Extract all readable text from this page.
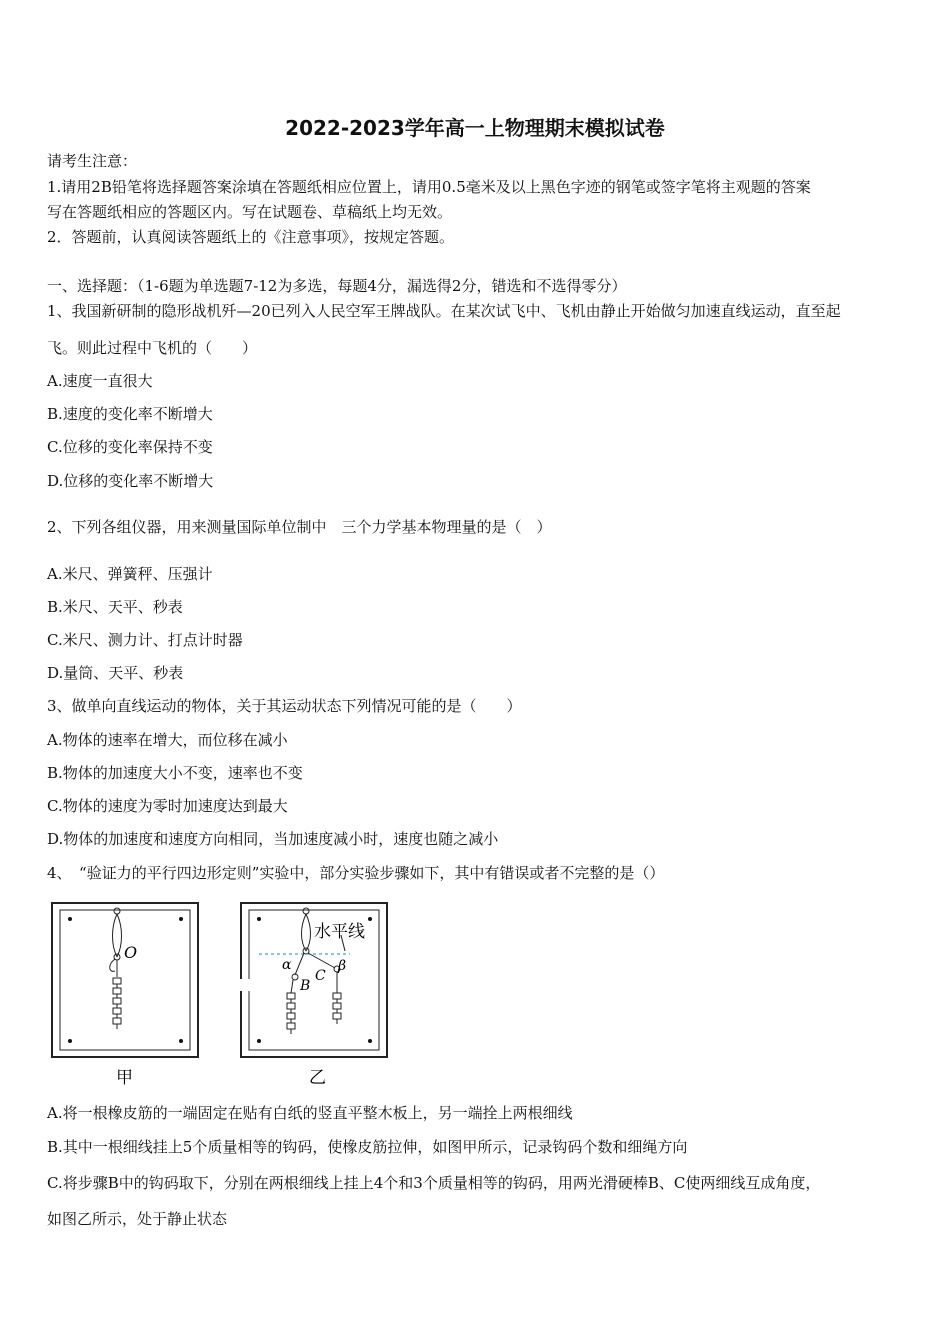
2022-2023学年高一上物理期末模拟试卷
请考生注意：
1.请用2B铅笔将选择题答案涂填在答题纸相应位置上，请用0.5毫米及以上黑色字迹的钢笔或签字笔将主观题的答案
写在答题纸相应的答题区内。写在试题卷、草稿纸上均无效。
2．答题前，认真阅读答题纸上的《注意事项》，按规定答题。
一、选择题：（1-6题为单选题7-12为多选，每题4分，漏选得2分，错选和不选得零分）
1、我国新研制的隐形战机歼—20已列入人民空军王牌战队。在某次试飞中、飞机由静止开始做匀加速直线运动，直至起
飞。则此过程中飞机的（　　）
A.速度一直很大
B.速度的变化率不断增大
C.位移的变化率保持不变
D.位移的变化率不断增大
2、下列各组仪器，用来测量国际单位制中　三个力学基本物理量的是（　）
A.米尺、弹簧秤、压强计
B.米尺、天平、秒表
C.米尺、测力计、打点计时器
D.量筒、天平、秒表
3、做单向直线运动的物体，关于其运动状态下列情况可能的是（　　）
A.物体的速率在增大，而位移在减小
B.物体的加速度大小不变，速率也不变
C.物体的速度为零时加速度达到最大
D.物体的加速度和速度方向相同，当加速度减小时，速度也随之减小
4、　“验证力的平行四边形定则”实验中，部分实验步骤如下，其中有错误或者不完整的是（）
O
甲
水平线
α	β
B
C
乙
A.将一根橡皮筋的一端固定在贴有白纸的竖直平整木板上，另一端拴上两根细线
B.其中一根细线挂上5个质量相等的钩码，使橡皮筋拉伸，如图甲所示，记录钩码个数和细绳方向
C.将步骤B中的钩码取下，分别在两根细线上挂上4个和3个质量相等的钩码，用两光滑硬棒B、C使两细线互成角度，
如图乙所示，处于静止状态
